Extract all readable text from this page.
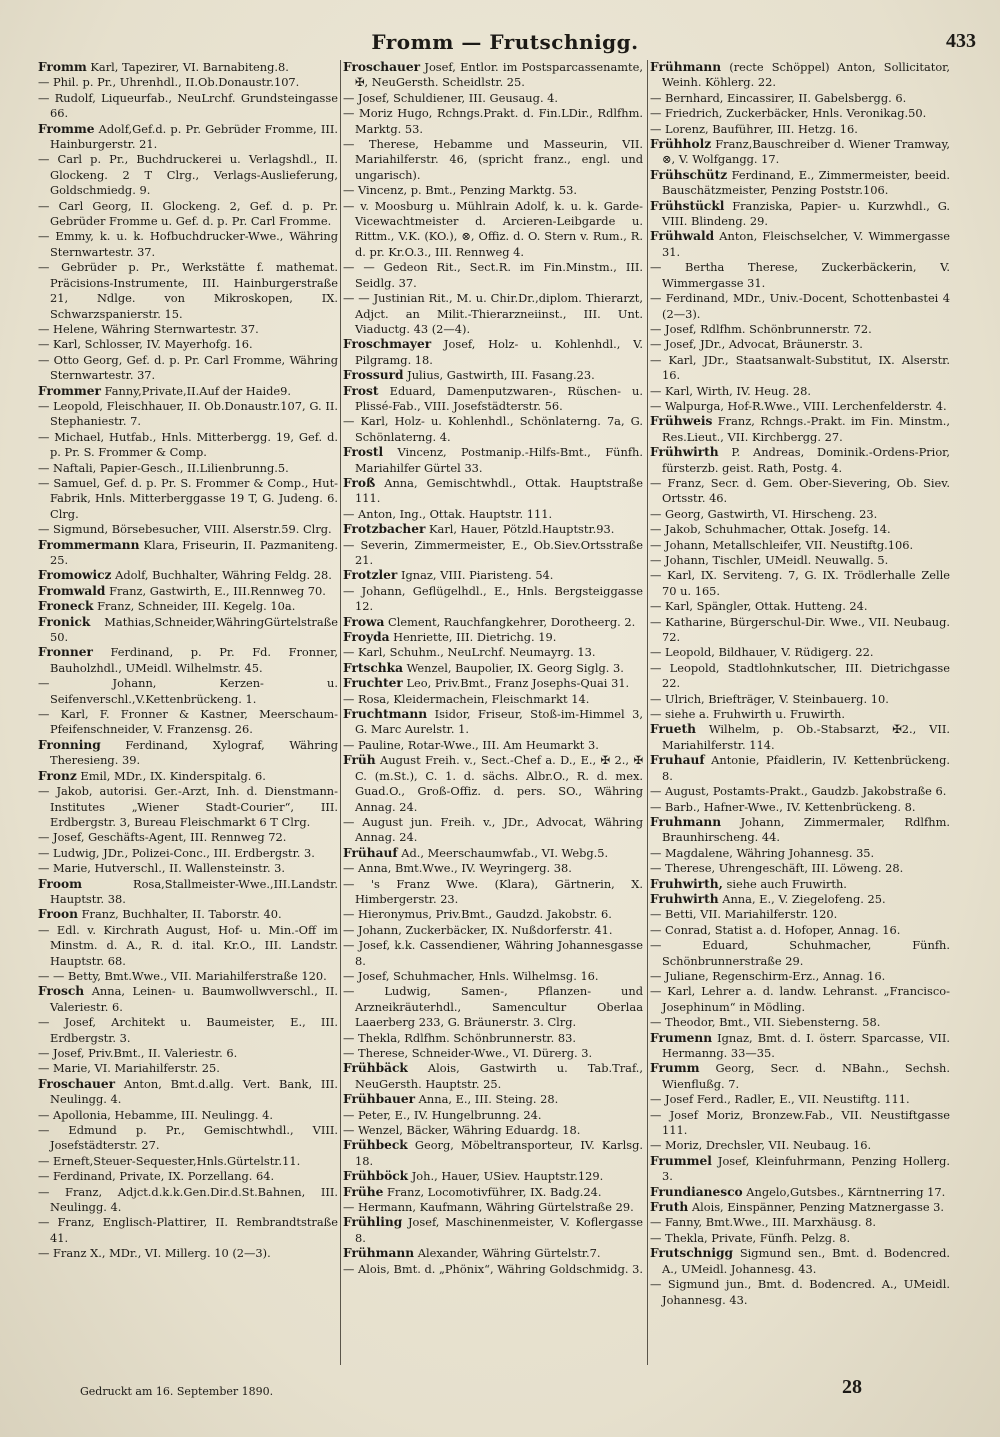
Fromm — Frutschnigg.	433

Fromm Karl, Tapezirer, VI. Barnabiteng.8.

— Phil. p. Pr., Uhrenhdl., II.Ob.Donaustr.107.

— Rudolf, Liqueurfab., NeuLrchf. Grundsteingasse 66.

Fromme Adolf,Gef.d. p. Pr. Gebrüder Fromme, III. Hainburgerstr. 21.

— Carl p. Pr., Buchdruckerei u. Verlagshdl., II. Glockeng. 2 T Clrg., Verlags-Auslieferung, Goldschmiedg. 9.

— Carl Georg, II. Glockeng. 2, Gef. d. p. Pr. Gebrüder Fromme u. Gef. d. p. Pr. Carl Fromme.

— Emmy, k. u. k. Hofbuchdrucker-Wwe., Währing Sternwartestr. 37.

— Gebrüder p. Pr., Werkstätte f. mathemat. Präcisions-Instrumente, III. Hainburgerstraße 21, Ndlge. von Mikroskopen, IX. Schwarzspanierstr. 15.

— Helene, Währing Sternwartestr. 37.

— Karl, Schlosser, IV. Mayerhofg. 16.

— Otto Georg, Gef. d. p. Pr. Carl Fromme, Währing Sternwartestr. 37.

Frommer Fanny,Private,II.Auf der Haide9.

— Leopold, Fleischhauer, II. Ob.Donaustr.107, G. II. Stephaniestr. 7.

— Michael, Hutfab., Hnls. Mitterbergg. 19, Gef. d. p. Pr. S. Frommer & Comp.

— Naftali, Papier-Gesch., II.Lilienbrunng.5.

— Samuel, Gef. d. p. Pr. S. Frommer & Comp., Hut-Fabrik, Hnls. Mitterberggasse 19 T, G. Judeng. 6. Clrg.

— Sigmund, Börsebesucher, VIII. Alserstr.59. Clrg.

Frommermann Klara, Friseurin, II. Pazmaniteng. 25.

Fromowicz Adolf, Buchhalter, Währing Feldg. 28.

Fromwald Franz, Gastwirth, E., III.Rennweg 70.

Froneck Franz, Schneider, III. Kegelg. 10a.

Fronick Mathias,Schneider,WähringGürtelstraße 50.

Fronner Ferdinand, p. Pr. Fd. Fronner, Bauholzhdl., UMeidl. Wilhelmstr. 45.

— Johann, Kerzen- u. Seifenverschl.,V.Kettenbrückeng. 1.

— Karl, F. Fronner & Kastner, Meerschaum-Pfeifenschneider, V. Franzensg. 26.

Fronning Ferdinand, Xylograf, Währing Theresieng. 39.

Fronz Emil, MDr., IX. Kinderspitalg. 6.

— Jakob, autorisi. Ger.-Arzt, Inh. d. Dienstmann-Institutes „Wiener Stadt-Courier“, III. Erdbergstr. 3, Bureau Fleischmarkt 6 T Clrg.

— Josef, Geschäfts-Agent, III. Rennweg 72.

— Ludwig, JDr., Polizei-Conc., III. Erdbergstr. 3.

— Marie, Hutverschl., II. Wallensteinstr. 3.

Froom	Rosa,Stallmeister-Wwe.,III.Landstr. Hauptstr. 38.

Froon Franz, Buchhalter, II. Taborstr. 40.

— Edl. v. Kirchrath August, Hof- u. Min.-Off im Minstm. d. A., R. d. ital. Kr.O., III. Landstr. Hauptstr. 68.

— — Betty, Bmt.Wwe., VII. Mariahilferstraße 120.

Frosch Anna, Leinen- u. Baumwollwverschl., II. Valeriestr. 6.

— Josef, Architekt u. Baumeister, E., III. Erdbergstr. 3.

— Josef, Priv.Bmt., II. Valeriestr. 6.

— Marie, VI. Mariahilferstr. 25.

Froschauer Anton, Bmt.d.allg. Vert. Bank, III. Neulingg. 4.

— Apollonia, Hebamme, III. Neulingg. 4.

— Edmund p. Pr., Gemischtwhdl., VIII. Josefstädterstr. 27.

— Erneft,Steuer-Sequester,Hnls.Gürtelstr.11.

— Ferdinand, Private, IX. Porzellang. 64.

— Franz, Adjct.d.k.k.Gen.Dir.d.St.Bahnen, III. Neulingg. 4.

— Franz, Englisch-Plattirer, II. Rembrandtstraße 41.

— Franz X., MDr., VI. Millerg. 10 (2—3).

Froschauer Josef, Entlor. im Postsparcassenamte, ✠, NeuGersth. Scheidlstr. 25.

— Josef, Schuldiener, III. Geusaug. 4.

— Moriz Hugo, Rchngs.Prakt. d. Fin.LDir., Rdlfhm. Marktg. 53.

— Therese, Hebamme und Masseurin, VII. Mariahilferstr. 46, (spricht franz., engl. und ungarisch).

— Vincenz, p. Bmt., Penzing Marktg. 53.

— v. Moosburg u. Mühlrain Adolf, k. u. k. Garde-Vicewachtmeister d. Arcieren-Leibgarde u. Rittm., V.K. (KO.), ⊗, Offiz. d. O. Stern v. Rum., R. d. pr. Kr.O.3., III. Rennweg 4.

— — Gedeon Rit., Sect.R. im Fin.Minstm., III. Seidlg. 37.

— — Justinian Rit., M. u. Chir.Dr.,diplom. Thierarzt, Adjct. an Milit.-Thierarzneiinst., III. Unt. Viaductg. 43 (2—4).

Froschmayer Josef, Holz- u. Kohlenhdl., V. Pilgramg. 18.

Frossurd Julius, Gastwirth, III. Fasang.23.

Frost Eduard, Damenputzwaren-, Rüschen- u. Plissé-Fab., VIII. Josefstädterstr. 56.

— Karl, Holz- u. Kohlenhdl., Schönlaterng. 7a, G. Schönlaterng. 4.

Frostl Vincenz, Postmanip.-Hilfs-Bmt., Fünfh. Mariahilfer Gürtel 33.

Froß Anna, Gemischtwhdl., Ottak. Hauptstraße 111.

— Anton, Ing., Ottak. Hauptstr. 111.

Frotzbacher Karl, Hauer, Pötzld.Hauptstr.93.

— Severin, Zimmermeister, E., Ob.Siev.Ortsstraße 21.

Frotzler Ignaz, VIII. Piaristeng. 54.

— Johann, Geflügelhdl., E., Hnls. Bergsteiggasse 12.

Frowa Clement, Rauchfangkehrer, Dorotheerg. 2.

Froyda Henriette, III. Dietrichg. 19.

— Karl, Schuhm., NeuLrchf. Neumayrg. 13.

Frtschka Wenzel, Baupolier, IX. Georg Siglg. 3.

Fruchter Leo, Priv.Bmt., Franz Josephs-Quai 31.

— Rosa, Kleidermachein, Fleischmarkt 14.

Fruchtmann Isidor, Friseur, Stoß-im-Himmel 3, G. Marc Aurelstr. 1.

— Pauline, Rotar-Wwe., III. Am Heumarkt 3.

Früh August Freih. v., Sect.-Chef a. D., E., ✠ 2., ✠ C. (m.St.), C. 1. d. sächs. Albr.O., R. d. mex. Guad.O., Groß-Offiz. d. pers. SO., Währing Annag. 24.

— August jun. Freih. v., JDr., Advocat, Währing Annag. 24.

Frühauf Ad., Meerschaumwfab., VI. Webg.5.

— Anna, Bmt.Wwe., IV. Weyringerg. 38.

— 's Franz Wwe. (Klara), Gärtnerin, X. Himbergerstr. 23.

— Hieronymus, Priv.Bmt., Gaudzd. Jakobstr. 6.

— Johann, Zuckerbäcker, IX. Nußdorferstr. 41.

— Josef, k.k. Cassendiener, Währing Johannesgasse 8.

— Josef, Schuhmacher, Hnls. Wilhelmsg. 16.

— Ludwig, Samen-, Pflanzen- und Arzneikräuterhdl., Samencultur Oberlaa Laaerberg 233, G. Bräunerstr. 3. Clrg.

— Thekla, Rdlfhm. Schönbrunnerstr. 83.

— Therese, Schneider-Wwe., VI. Dürerg. 3.

Frühbäck Alois, Gastwirth u. Tab.Traf., NeuGersth. Hauptstr. 25.

Frühbauer Anna, E., III. Steing. 28.

— Peter, E., IV. Hungelbrunng. 24.

— Wenzel, Bäcker, Währing Eduardg. 18.

Frühbeck Georg, Möbeltransporteur, IV. Karlsg. 18.

Frühböck Joh., Hauer, USiev. Hauptstr.129.

Frühe Franz, Locomotivführer, IX. Badg.24.

— Hermann, Kaufmann, Währing Gürtelstraße 29.

Frühling Josef, Maschinenmeister, V. Koflergasse 8.

Frühmann Alexander, Währing Gürtelstr.7.

— Alois, Bmt. d. „Phönix“, Währing Goldschmidg. 3.

Frühmann (recte Schöppel) Anton, Sollicitator, Weinh. Köhlerg. 22.

— Bernhard, Eincassirer, II. Gabelsbergg. 6.

— Friedrich, Zuckerbäcker, Hnls. Veronikag.50.

— Lorenz, Bauführer, III. Hetzg. 16.

Frühholz Franz,Bauschreiber d. Wiener Tramway, ⊗, V. Wolfgangg. 17.

Frühschütz Ferdinand, E., Zimmermeister, beeid. Bauschätzmeister, Penzing Poststr.106.

Frühstückl Franziska, Papier- u. Kurzwhdl., G. VIII. Blindeng. 29.

Frühwald Anton, Fleischselcher, V. Wimmergasse 31.

— Bertha Therese, Zuckerbäckerin, V. Wimmergasse 31.

— Ferdinand, MDr., Univ.-Docent, Schottenbastei 4 (2—3).

— Josef, Rdlfhm. Schönbrunnerstr. 72.

— Josef, JDr., Advocat, Bräunerstr. 3.

— Karl, JDr., Staatsanwalt-Substitut, IX. Alserstr. 16.

— Karl, Wirth, IV. Heug. 28.

— Walpurga, Hof-R.Wwe., VIII. Lerchenfelderstr. 4.

Frühweis Franz, Rchngs.-Prakt. im Fin. Minstm., Res.Lieut., VII. Kirchbergg. 27.

Frühwirth P. Andreas, Dominik.-Ordens-Prior, fürsterzb. geist. Rath, Postg. 4.

— Franz, Secr. d. Gem. Ober-Sievering, Ob. Siev. Ortsstr. 46.

— Georg, Gastwirth, VI. Hirscheng. 23.

— Jakob, Schuhmacher, Ottak. Josefg. 14.

— Johann, Metallschleifer, VII. Neustiftg.106.

— Johann, Tischler, UMeidl. Neuwallg. 5.

— Karl, IX. Serviteng. 7, G. IX. Trödlerhalle Zelle 70 u. 165.

— Karl, Spängler, Ottak. Hutteng. 24.

— Katharine, Bürgerschul-Dir. Wwe., VII. Neubaug. 72.

— Leopold, Bildhauer, V. Rüdigerg. 22.

— Leopold, Stadtlohnkutscher, III. Dietrichgasse 22.

— Ulrich, Briefträger, V. Steinbauerg. 10.

— siehe a. Fruhwirth u. Fruwirth.

Frueth Wilhelm, p. Ob.-Stabsarzt, ✠2., VII. Mariahilferstr. 114.

Fruhauf Antonie, Pfaidlerin, IV. Kettenbrückeng. 8.

— August, Postamts-Prakt., Gaudzb. Jakobstraße 6.

— Barb., Hafner-Wwe., IV. Kettenbrückeng. 8.

Fruhmann Johann, Zimmermaler, Rdlfhm. Braunhirscheng. 44.

— Magdalene, Währing Johannesg. 35.

— Therese, Uhrengeschäft, III. Löweng. 28.

Fruhwirth, siehe auch Fruwirth.

Fruhwirth Anna, E., V. Ziegelofeng. 25.

— Betti, VII. Mariahilferstr. 120.

— Conrad, Statist a. d. Hofoper, Annag. 16.

— Eduard, Schuhmacher, Fünfh. Schönbrunnerstraße 29.

— Juliane, Regenschirm-Erz., Annag. 16.

— Karl, Lehrer a. d. landw. Lehranst. „Francisco-Josephinum“ in Mödling.

— Theodor, Bmt., VII. Siebensterng. 58.

Frumenn Ignaz, Bmt. d. I. österr. Sparcasse, VII. Hermanng. 33—35.

Frumm Georg, Secr. d. NBahn., Sechsh. Wienflußg. 7.

— Josef Ferd., Radler, E., VII. Neustiftg. 111.

— Josef Moriz, Bronzew.Fab., VII. Neustiftgasse 111.

— Moriz, Drechsler, VII. Neubaug. 16.

Frummel Josef, Kleinfuhrmann, Penzing Hollerg. 3.

Frundianesco Angelo,Gutsbes., Kärntnerring 17.

Fruth Alois, Einspänner, Penzing Matznergasse 3.

— Fanny, Bmt.Wwe., III. Marxhäusg. 8.

— Thekla, Private, Fünfh. Pelzg. 8.

Frutschnigg Sigmund sen., Bmt. d. Bodencred. A., UMeidl. Johannesg. 43.

— Sigmund jun., Bmt. d. Bodencred. A., UMeidl. Johannesg. 43.

Gedruckt am 16. September 1890.	28
